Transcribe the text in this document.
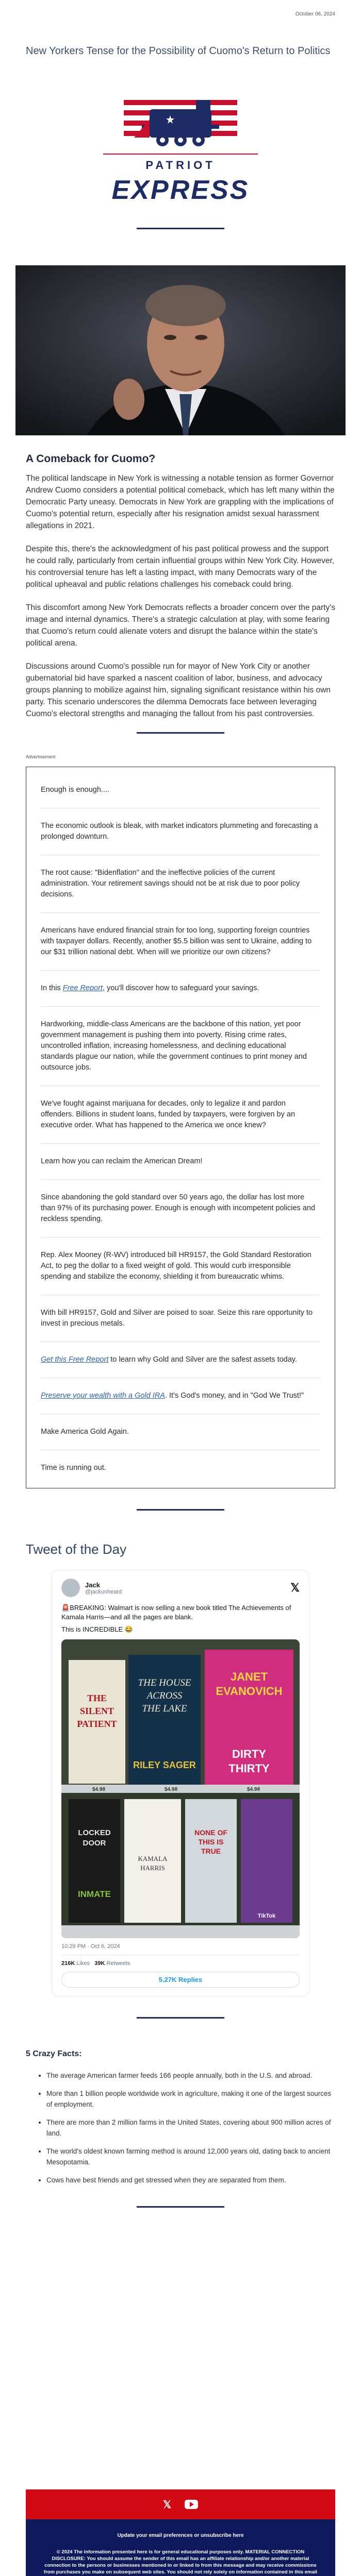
October 06, 2024
New Yorkers Tense for the Possibility of Cuomo's Return to Politics
PATRIOT
EXPRESS
A Comeback for Cuomo?

The political landscape in New York is witnessing a notable tension as former Governor Andrew Cuomo considers a potential political comeback, which has left many within the Democratic Party uneasy. Democrats in New York are grappling with the implications of Cuomo's potential return, especially after his resignation amidst sexual harassment allegations in 2021.

Despite this, there's the acknowledgment of his past political prowess and the support he could rally, particularly from certain influential groups within New York City. However, his controversial tenure has left a lasting impact, with many Democrats wary of the political upheaval and public relations challenges his comeback could bring.

This discomfort among New York Democrats reflects a broader concern over the party's image and internal dynamics. There's a strategic calculation at play, with some fearing that Cuomo's return could alienate voters and disrupt the balance within the state's political arena.

Discussions around Cuomo's possible run for mayor of New York City or another gubernatorial bid have sparked a nascent coalition of labor, business, and advocacy groups planning to mobilize against him, signaling significant resistance within his own party. This scenario underscores the dilemma Democrats face between leveraging Cuomo's electoral strengths and managing the fallout from his past controversies.

Advertisement

Enough is enough....

The economic outlook is bleak, with market indicators plummeting and forecasting a prolonged downturn.

The root cause: "Bidenflation" and the ineffective policies of the current administration. Your retirement savings should not be at risk due to poor policy decisions.

Americans have endured financial strain for too long, supporting foreign countries with taxpayer dollars. Recently, another $5.5 billion was sent to Ukraine, adding to our $31 trillion national debt. When will we prioritize our own citizens?

In this Free Report, you'll discover how to safeguard your savings.

Hardworking, middle-class Americans are the backbone of this nation, yet poor government management is pushing them into poverty. Rising crime rates, uncontrolled inflation, increasing homelessness, and declining educational standards plague our nation, while the government continues to print money and outsource jobs.

We've fought against marijuana for decades, only to legalize it and pardon offenders. Billions in student loans, funded by taxpayers, were forgiven by an executive order. What has happened to the America we once knew?

Learn how you can reclaim the American Dream!

Since abandoning the gold standard over 50 years ago, the dollar has lost more than 97% of its purchasing power. Enough is enough with incompetent policies and reckless spending.

Rep. Alex Mooney (R-WV) introduced bill HR9157, the Gold Standard Restoration Act, to peg the dollar to a fixed weight of gold. This would curb irresponsible spending and stabilize the economy, shielding it from bureaucratic whims.

With bill HR9157, Gold and Silver are poised to soar. Seize this rare opportunity to invest in precious metals.

Get this Free Report to learn why Gold and Silver are the safest assets today.

Preserve your wealth with a Gold IRA. It's God's money, and in "God We Trust!"

Make America Gold Again.

Time is running out.

Tweet of the Day
Jack
@jackunheard	𝕏
🚨BREAKING: Walmart is now selling a new book titled The Achievements of Kamala Harris—and all the pages are blank.
This is INCREDIBLE 😂
THE
SILENT
PATIENT
THE HOUSE
ACROSS
THE LAKE
RILEY SAGER
JANET
EVANOVICH
DIRTY
THIRTY
$4.98	$4.98	$4.98
LOCKED
DOOR
INMATE
KAMALA
HARRIS
NONE OF
THIS IS
TRUE
TikTok
10:29 PM · Oct 6, 2024
216K Likes 39K Retweets
5.27K Replies
5 Crazy Facts:
• The average American farmer feeds 166 people annually, both in the U.S. and abroad.
• More than 1 billion people worldwide work in agriculture, making it one of the largest sources of employment.
• There are more than 2 million farms in the United States, covering about 900 million acres of land.
• The world's oldest known farming method is around 12,000 years old, dating back to ancient Mesopotamia.
• Cows have best friends and get stressed when they are separated from them.
𝕏
Update your email preferences or unsubscribe here
© 2024 The information presented here is for general educational purposes only. MATERIAL CONNECTION DISCLOSURE: You should assume the sender of this email has an affiliate relationship and/or another material connection to the persons or businesses mentioned in or linked to from this message and may receive commissions from purchases you make on subsequent web sites. You should not rely solely on information contained in this email
